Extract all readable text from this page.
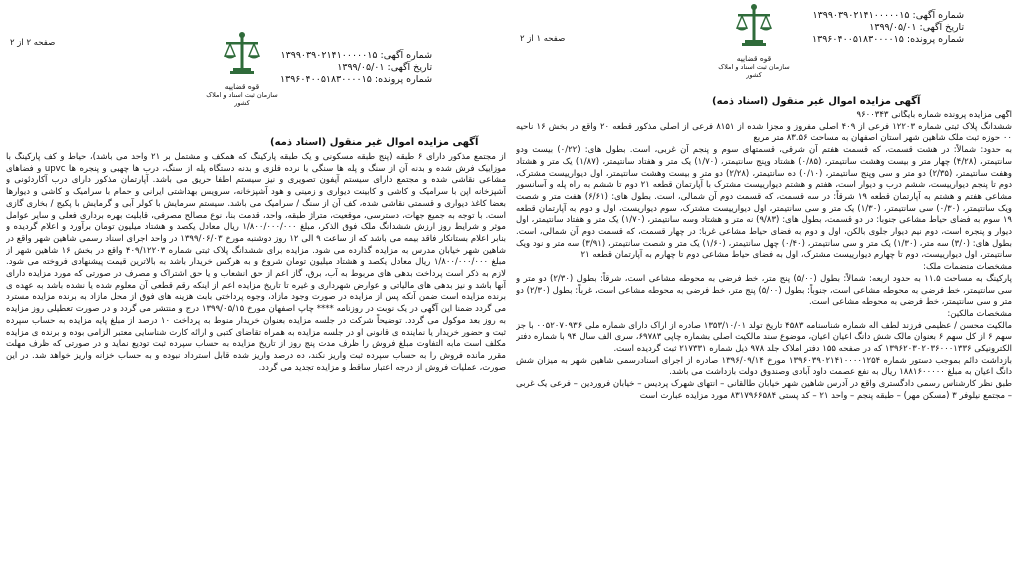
قوه قضاییه
سازمان ثبت اسناد و املاک کشور
صفحه ۲ از ۲
شماره آگهی: ۱۳۹۹۰۳۹۰۲۱۴۱۰۰۰۰۰۱۵
تاریخ آگهی: ۱۳۹۹/۰۵/۰۱
شماره پرونده: ۱۳۹۶۰۴۰۰۵۱۸۳۰۰۰۰۱۵
آگهی مزایده اموال غیر منقول (اسناد ذمه)

از مجتمع مذکور دارای ۶ طبقه (پنج طبقه مسکونی و یک طبقه پارکینگ که همکف و مشتمل بر ۲۱ واحد می باشد)، حیاط و کف پارکینگ با موزاییک فرش شده و بدنه آن از سنگ و پله ها سنگی با نرده فلزی و بدنه دستگاه پله از سنگ، درب ها چهبی و پنجره ها upvc و فضاهای مشاعی نقاشی شده و مجتمع دارای سیستم آیفون تصویری و نیز سیستم اطفا حریق می باشد. آپارتمان مذکور دارای درب آکاردئونی و آشپزخانه اپن با سرامیک و کاشی و کابینت دیواری و زمینی و هود آشپزخانه، سرویس بهداشتی ایرانی و حمام با سرامیک و کاشی و دیوارها بعضا کاغذ دیواری و قسمتی نقاشی شده، کف آن از سنگ / سرامیک می باشد. سیستم سرمایش با کولر آبی و گرمایش با پکیج / بخاری گازی است. با توجه به جمیع جهات، دسترسی، موقعیت، متراژ طبقه، واحد، قدمت بنا، نوع مصالح مصرفی، قابلیت بهره برداری فعلی و سایر عوامل موثر و شرایط روز ارزش ششدانگ ملک فوق الذکر، مبلغ ۱/۸۰۰/۰۰۰/۰۰۰ ریال معادل یکصد و هشتاد میلیون تومان برآورد و اعلام گردیده و بنابر اعلام بستانکار فاقد بیمه می باشد که از ساعت ۹ الی ۱۲ روز دوشنبه مورخ ۱۳۹۹/۰۶/۰۳ در واحد اجرای اسناد رسمی شاهین شهر واقع در شاهین شهر خیابان مدرس به مزایده گذارده می شود. مزایده برای ششدانگ پلاک ثبتی شماره ۴۰۹/۱۲۲۰۳ واقع در بخش ۱۶ شاهین شهر از مبلغ ۱/۸۰۰/۰۰۰/۰۰۰ ریال معادل یکصد و هشتاد میلیون تومان شروع و به هرکس خریدار باشد به بالاترین قیمت پیشنهادی فروخته می شود. لازم به ذکر است پرداخت بدهی های مربوط به آب، برق، گاز اعم از حق انشعاب و یا حق اشتراک و مصرف در صورتی که مورد مزایده دارای آنها باشد و نیز بدهی های مالیاتی و عوارض شهرداری و غیره تا تاریخ مزایده اعم از اینکه رقم قطعی آن معلوم شده یا نشده باشد به عهده ی برنده مزایده است ضمن آنکه پس از مزایده در صورت وجود مازاد، وجوه پرداختی بابت هزینه های فوق از محل مازاد به برنده مزایده مسترد می گردد ضمنا این آگهی در یک نوبت در روزنامه **** چاپ اصفهان مورخ ۱۳۹۹/۰۵/۱۵ درج و منتشر می گردد و در صورت تعطیلی روز مزایده به روز بعد موکول می گردد. توضیحاً شرکت در جلسه مزایده بعنوان خریدار منوط به پرداخت ۱۰ درصد از مبلغ پایه مزایده به حساب سپرده ثبت و حضور خریدار یا نماینده ی قانونی او در جلسه مزایده به همراه تقاضای کتبی و ارائه کارت شناسایی معتبر الزامی بوده و برنده ی مزایده مکلف است مابه التفاوت مبلغ فروش را ظرف مدت پنج روز از تاریخ مزایده به حساب سپرده ثبت تودیع نماید و در صورتی که ظرف مهلت مقرر مانده فروش را به حساب سپرده ثبت واریز نکند، ده درصد واریز شده قابل استرداد نبوده و به حساب خزانه واریز خواهد شد. در این صورت، عملیات فروش از درجه اعتبار ساقط و مزایده تجدید می گردد.

قوه قضاییه
سازمان ثبت اسناد و املاک کشور
صفحه ۱ از ۲
شماره آگهی: ۱۳۹۹۰۳۹۰۲۱۴۱۰۰۰۰۰۱۵
تاریخ آگهی: ۱۳۹۹/۰۵/۰۱
شماره پرونده: ۱۳۹۶۰۴۰۰۵۱۸۳۰۰۰۰۱۵
آگهی مزایده اموال غیر منقول (اسناد ذمه)

آگهی مزایده پرونده شماره بایگانی ۹۶۰۰۳۴۳

ششدانگ پلاک ثبتی شماره ۱۲۲۰۳ فرعی از ۴۰۹ اصلی مفروز و مجزا شده از ۸۱۵۱ فرعی از اصلی مذکور قطعه ۲۰ واقع در بخش ۱۶ ناحیه ۰۰ حوزه ثبت ملک شاهین شهر استان اصفهان به مساحت ۸۳.۵۶ متر مربع

به حدود: شمالاً: در هشت قسمت، که قسمت هفتم آن شرقی، قسمتهای سوم و پنجم آن غربی، است. بطول های: (۰/۲۲) بیست ودو سانتیمتر، (۴/۲۸) چهار متر و بیست وهشت سانتیمتر، (۰/۸۵) هشتاد وپنج سانتیمتر، (۱/۷۰) یک متر و هفتاد سانتیمتر، (۱/۸۷) یک متر و هشتاد وهفت سانتیمتر، (۲/۳۵) دو متر و سی وپنج سانتیمتر، (۰/۱۰) ده سانتیمتر، (۲/۲۸) دو متر و بیست وهشت سانتیمتر، اول دیوارییست مشترک، دوم تا پنجم دیوارییست، ششم درب و دیوار است، هفتم و هشتم دیوارییست مشترک با آپارتمان قطعه ۲۱ دوم تا ششم به راه پله و آسانسور مشاعی هفتم و هشتم به آپارتمان قطعه ۱۹ شرقاً: در سه قسمت، که قسمت دوم آن شمالی، است. بطول های: (۶/۶۱) هفت متر و شصت ویک سانتیمتر، (۰/۳۰) سی سانتیمتر، (۱/۳۰) یک متر و سی سانتیمتر، اول دیوارییست مشترک، سوم دیواریست، اول و دوم به آپارتمان قطعه ۱۹ سوم به فضای حیاط مشاعی جنوبا: در دو قسمت، بطول های: (۹/۸۳) نه متر و هشتاد وسه سانتیمتر، (۱/۷۰) یک متر و هفتاد سانتیمتر، اول دیوار و پنجره است، دوم نیم دیوار جلوی بالکن، اول و دوم به فضای حیاط مشاعی غربا: در چهار قسمت، که قسمت دوم آن شمالی، است. بطول های: (۳/۰) سه متر، (۱/۳۰) یک متر و سی سانتیمتر، (۰/۴۰) چهل سانتیمتر، (۱/۶۰) یک متر و شصت سانتیمتر، (۳/۹۱) سه متر و نود ویک سانتیمتر، اول دیوارییست، دوم تا چهارم دیوارییست مشترک، اول به فضای حیاط مشاعی دوم تا چهارم به آپارتمان قطعه ۲۱

مشخصات منضمات ملک:

پارکینگ به مساحت ۱۱.۵ به حدود اربعه: شمالاً: بطول (۵/۰۰) پنج متر، خط فرضی به محوطه مشاعی است، شرقاً: بطول (۲/۳۰) دو متر و سی سانتیمتر، خط فرضی به محوطه مشاعی است، جنوباً: بطول (۵/۰۰) پنج متر، خط فرضی به محوطه مشاعی است، غرباً: بطول (۲/۳۰) دو متر و سی سانتیمتر، خط فرضی به محوطه مشاعی است.

مشخصات مالکین:

مالکیت محسن / عظیمی فرزند لطف اله شماره شناسنامه ۴۵۸۳ تاریخ تولد ۱۳۵۳/۱۰/۰۱ صادره از اراک دارای شماره ملی ۰۰۵۲۰۷۰۹۳۶ با جز سهم ۶ از کل سهم ۶ بعنوان مالک شش دانگ اعیان اعیان، موضوع سند مالکیت اصلی بشماره چاپی ۶۹۷۸۳، سری الف سال ۹۴ با شماره دفتر الکترونیکی ۱۳۹۶۲۰۳۰۲۰۳۶۰۰۰۱۳۳۶ که در صفحه ۱۵۵ دفتر املاک جلد ۹۷۸ ذیل شماره ۲۱۷۳۳۱ ثبت گردیده است.

بازداشت دائم بموجب دستور شماره ۱۳۹۶۰۳۹۰۲۱۴۱۰۰۰۰۱۲۵۴ مورخ ۱۳۹۶/۰۹/۱۴ صادره از اجرای اسنادرسمی شاهین شهر به میزان شش دانگ اعیان به مبلغ ۱۸۸۱۶۰۰۰۰۰ ریال به نفع عصمت داود آبادی وصندوق دولت بازداشت می باشد.

طبق نظر کارشناس رسمی دادگستری واقع در آدرس شاهین شهر خیابان طالقانی – انتهای شهرک پردیس – خیابان فروردین – فرعی یک غربی – مجتمع نیلوفر ۳ (مسکن مهر) – طبقه پنجم – واحد ۲۱ – کد پستی ۸۳۱۷۹۶۶۵۸۴ مورد مزایده عبارت است
